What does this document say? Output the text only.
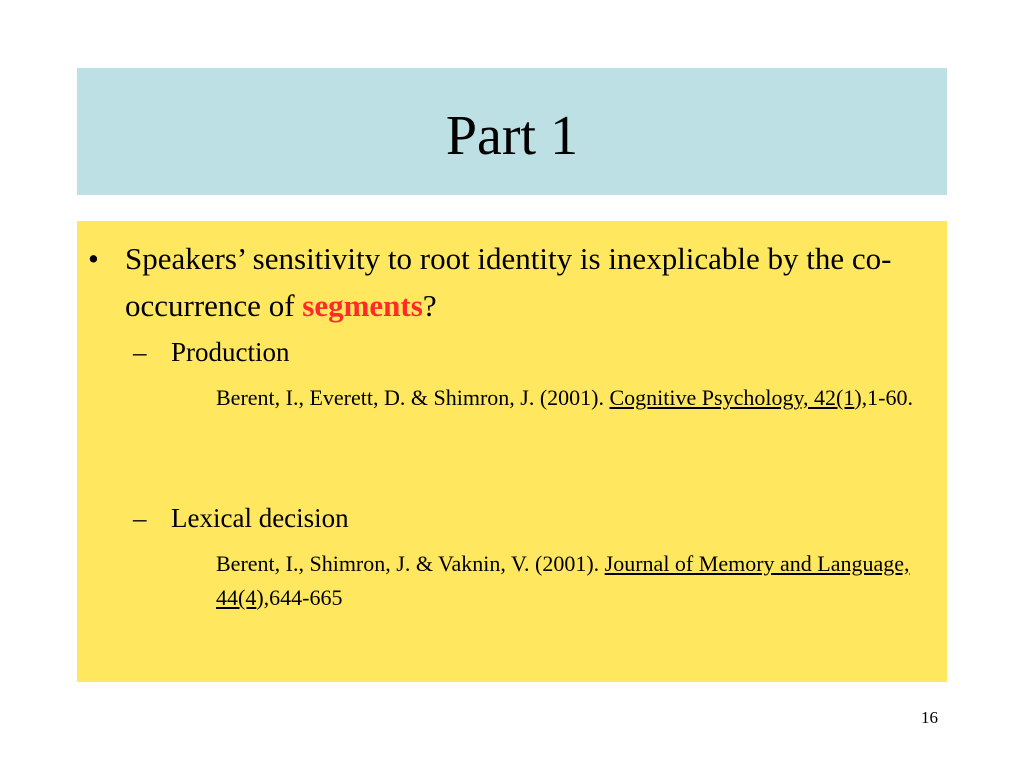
Part 1
• Speakers’ sensitivity to root identity is inexplicable by the co-occurrence of segments?
– Production
Berent, I., Everett, D. & Shimron, J. (2001). Cognitive Psychology, 42(1),1-60.
– Lexical decision
Berent, I., Shimron, J. & Vaknin, V. (2001). Journal of Memory and Language, 44(4),644-665
16
